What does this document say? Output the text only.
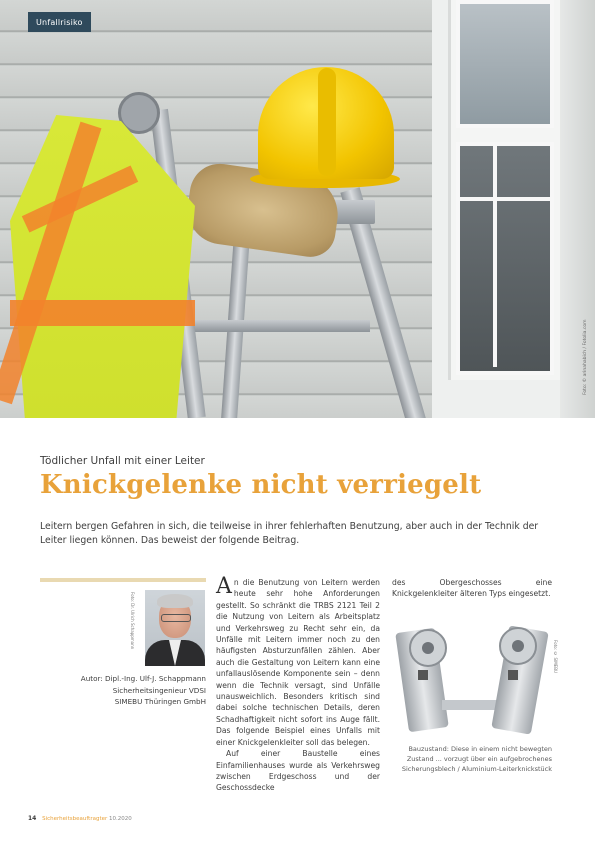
Unfallrisiko
Foto: © arinahabich / Fotolia.com
Tödlicher Unfall mit einer Leiter
Knickgelenke nicht verriegelt
Leitern bergen Gefahren in sich, die teilweise in ihrer fehlerhaften Benutzung, aber auch in der Technik der Leiter liegen können. Das beweist der folgende Beitrag.
Foto: Dr. Ulrich Schappmann
Autor: Dipl.-Ing. Ulf-J. Schappmann
Sicherheitsingenieur VDSI
SIMEBU Thüringen GmbH
A n die Benutzung von Leitern werden heute sehr hohe Anforderungen gestellt. So schränkt die TRBS 2121 Teil 2 die Nutzung von Leitern als Arbeitsplatz und Verkehrsweg zu Recht sehr ein, da Unfälle mit Leitern immer noch zu den häufigsten Absturzunfällen zählen. Aber auch die Gestaltung von Leitern kann eine unfallauslösende Komponente sein – denn wenn die Technik versagt, sind Unfälle unausweichlich. Besonders kritisch sind dabei solche technischen Details, deren Schadhaftigkeit nicht sofort ins Auge fällt. Das folgende Beispiel eines Unfalls mit einer Knickgelenkleiter soll das belegen.

Auf einer Baustelle eines Einfamilienhauses wurde als Verkehrsweg zwischen Erdgeschoss und der Geschossdecke

des Obergeschosses eine Knickgelenkleiter älteren Typs eingesetzt.

Foto: © SIMEBU
Bauzustand: Diese in einem nicht bewegten Zustand ... vorzugt über ein aufgebrochenes Sicherungsblech / Aluminium-Leiterknickstück
14 Sicherheitsbeauftragter 10.2020
